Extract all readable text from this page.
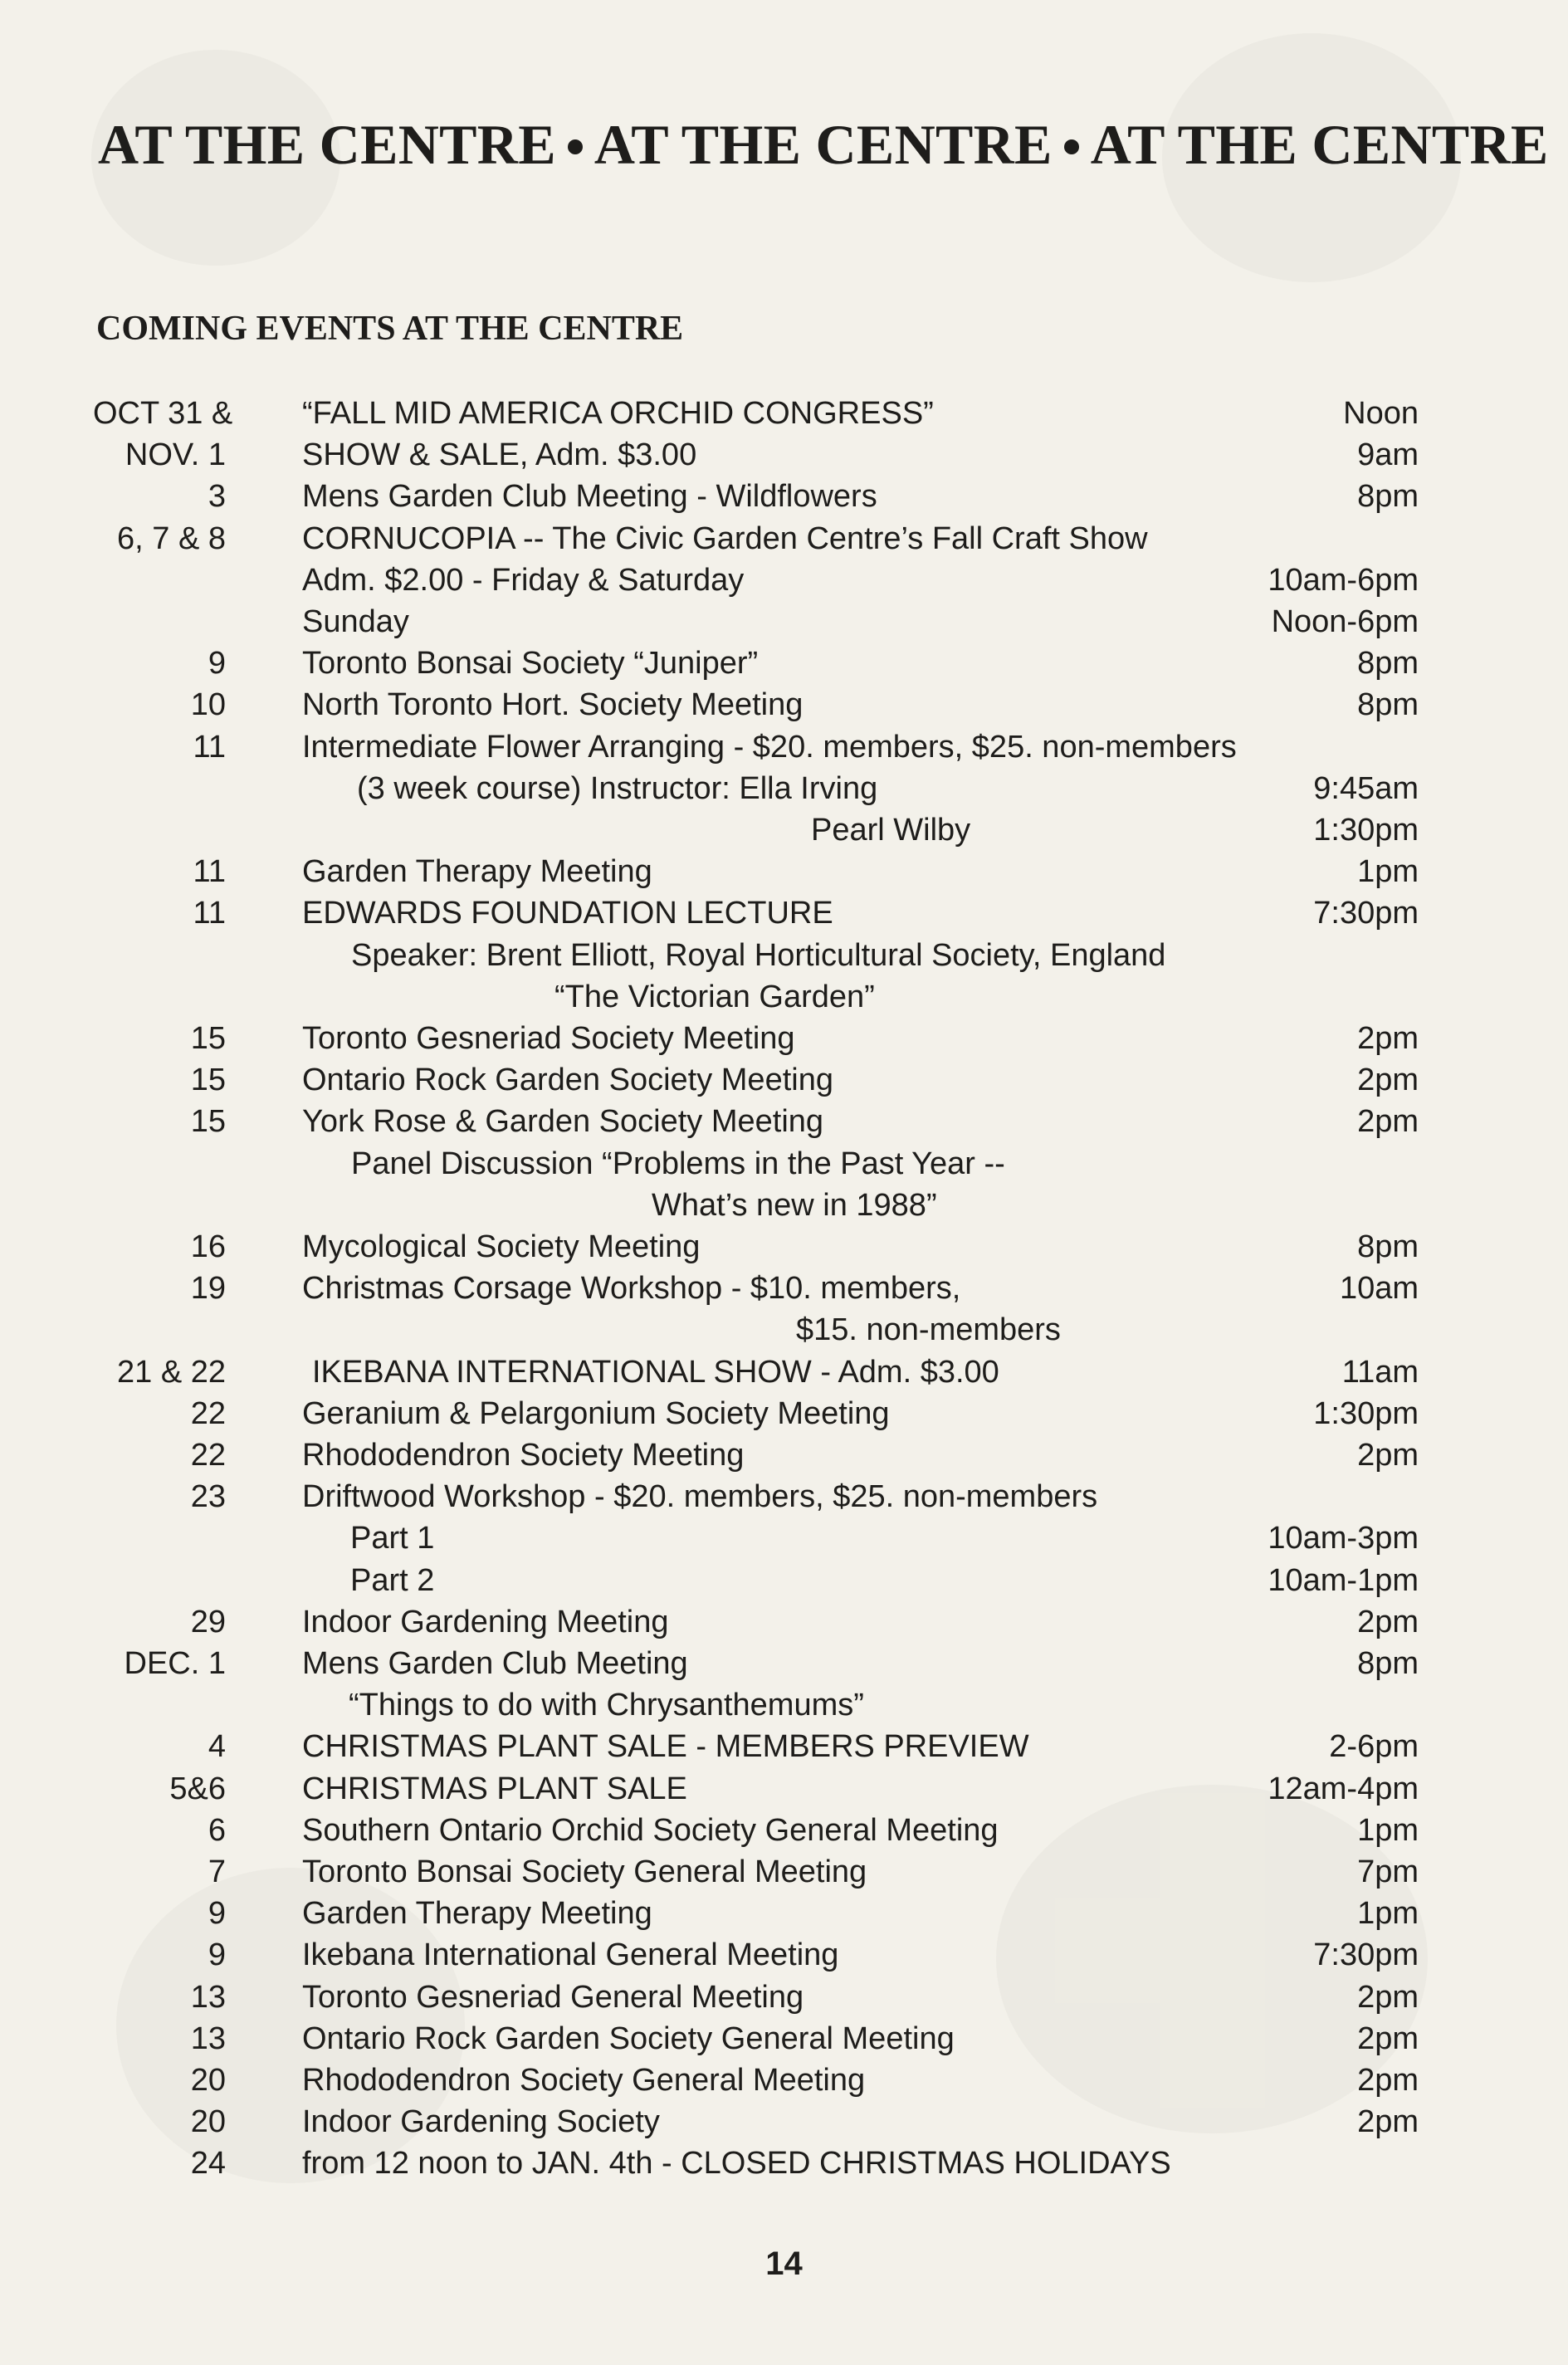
AT THE CENTRE AT THE CENTRE AT THE CENTRE
COMING EVENTS AT THE CENTRE
OCT 31 & “FALL MID AMERICA ORCHID CONGRESS”	Noon
NOV. 1 SHOW & SALE, Adm. $3.00	9am
3 Mens Garden Club Meeting - Wildflowers	8pm
6, 7 & 8 CORNUCOPIA -- The Civic Garden Centre’s Fall Craft Show
Adm. $2.00 - Friday & Saturday	10am-6pm
Sunday	Noon-6pm
9 Toronto Bonsai Society “Juniper”	8pm
10 North Toronto Hort. Society Meeting	8pm
11 Intermediate Flower Arranging - $20. members, $25. non-members
(3 week course) Instructor: Ella Irving	9:45am
Pearl Wilby	1:30pm
11 Garden Therapy Meeting	1pm
11 EDWARDS FOUNDATION LECTURE	7:30pm
Speaker: Brent Elliott, Royal Horticultural Society, England
“The Victorian Garden”
15 Toronto Gesneriad Society Meeting	2pm
15 Ontario Rock Garden Society Meeting	2pm
15 York Rose & Garden Society Meeting	2pm
Panel Discussion “Problems in the Past Year --
What’s new in 1988”
16 Mycological Society Meeting	8pm
19 Christmas Corsage Workshop - $10. members,	10am
$15. non-members
21 & 22	IKEBANA INTERNATIONAL SHOW - Adm. $3.00	11am
22 Geranium & Pelargonium Society Meeting	1:30pm
22 Rhododendron Society Meeting	2pm
23 Driftwood Workshop - $20. members, $25. non-members
Part 1	10am-3pm
Part 2	10am-1pm
29 Indoor Gardening Meeting	2pm
DEC. 1 Mens Garden Club Meeting	8pm
“Things to do with Chrysanthemums”
4 CHRISTMAS PLANT SALE - MEMBERS PREVIEW	2-6pm
5&6 CHRISTMAS PLANT SALE	12am-4pm
6 Southern Ontario Orchid Society General Meeting	1pm
7 Toronto Bonsai Society General Meeting	7pm
9 Garden Therapy Meeting	1pm
9 Ikebana International General Meeting	7:30pm
13 Toronto Gesneriad General Meeting	2pm
13 Ontario Rock Garden Society General Meeting	2pm
20 Rhododendron Society General Meeting	2pm
20 Indoor Gardening Society	2pm
24 from 12 noon to JAN. 4th - CLOSED CHRISTMAS HOLIDAYS
14
